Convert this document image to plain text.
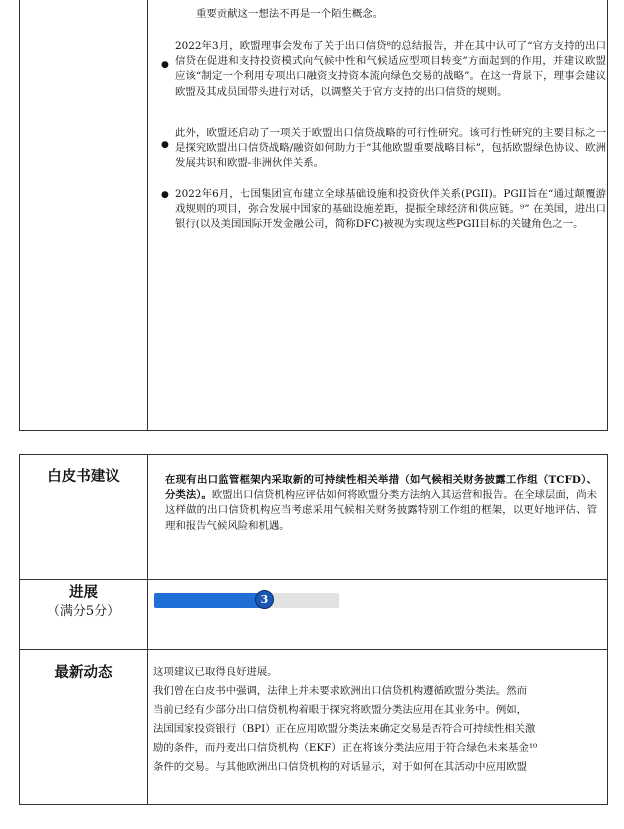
重要贡献这一想法不再是一个陌生概念。
●
2022年3月，欧盟理事会发布了关于出口信贷⁸的总结报告，并在其中认可了“官方支持的出口信贷在促进和支持投资模式向气候中性和气候适应型项目转变”方面起到的作用，并建议欧盟应该“制定一个利用专项出口融资支持资本流向绿色交易的战略”。在这一背景下，理事会建议欧盟及其成员国带头进行对话，以调整关于官方支持的出口信贷的规则。
●
此外，欧盟还启动了一项关于欧盟出口信贷战略的可行性研究。该可行性研究的主要目标之一是探究欧盟出口信贷战略/融资如何助力于“其他欧盟重要战略目标”，包括欧盟绿色协议、欧洲发展共识和欧盟-非洲伙伴关系。
● 2022年6月，七国集团宣布建立全球基础设施和投资伙伴关系(PGII)。PGII旨在“通过颠覆游戏规则的项目，弥合发展中国家的基础设施差距，提振全球经济和供应链。⁹” 在美国，进出口银行(以及美国国际开发金融公司，简称DFC)被视为实现这些PGII目标的关键角色之一。
白皮书建议	在现有出口监管框架内采取新的可持续性相关举措（如气候相关财务披露工作组（TCFD）、分类法）。欧盟出口信贷机构应评估如何将欧盟分类方法纳入其运营和报告。在全球层面，尚未这样做的出口信贷机构应当考虑采用气候相关财务披露特别工作组的框架，以更好地评估、管理和报告气候风险和机遇。
进展
（满分5分）
3
最新动态	这项建议已取得良好进展。
我们曾在白皮书中强调，法律上并未要求欧洲出口信贷机构遵循欧盟分类法。然而
当前已经有少部分出口信贷机构着眼于探究将欧盟分类法应用在其业务中。例如，
法国国家投资银行（BPI）正在应用欧盟分类法来确定交易是否符合可持续性相关激
励的条件，而丹麦出口信贷机构（EKF）正在将该分类法应用于符合绿色未来基金¹⁰
条件的交易。与其他欧洲出口信贷机构的对话显示，对于如何在其活动中应用欧盟
